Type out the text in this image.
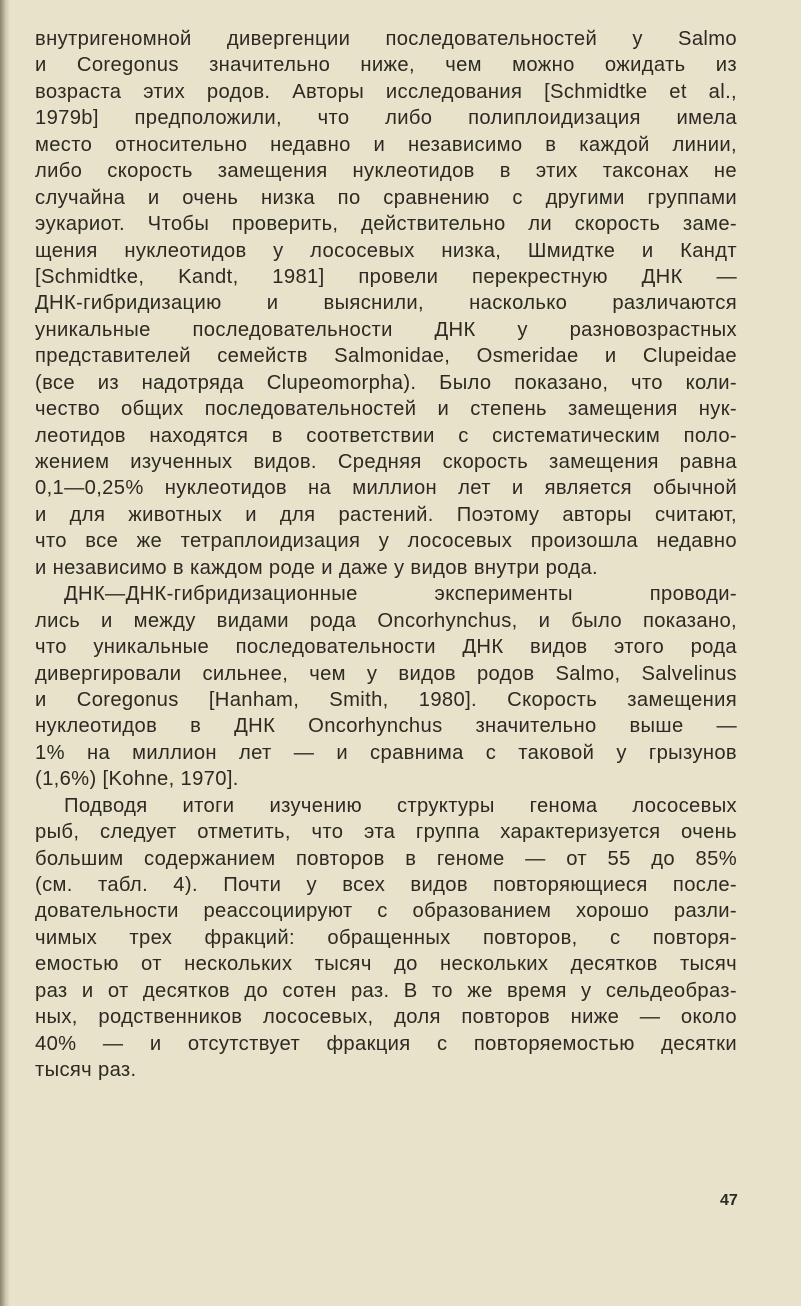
внутригеномной дивергенции последовательностей у Salmo
и Coregonus значительно ниже, чем можно ожидать из
возраста этих родов. Авторы исследования [Schmidtke et al.,
1979b] предположили, что либо полиплоидизация имела
место относительно недавно и независимо в каждой линии,
либо скорость замещения нуклеотидов в этих таксонах не
случайна и очень низка по сравнению с другими группами
эукариот. Чтобы проверить, действительно ли скорость заме-
щения нуклеотидов у лососевых низка, Шмидтке и Кандт
[Schmidtke, Kandt, 1981] провели перекрестную ДНК —
ДНК-гибридизацию и выяснили, насколько различаются
уникальные последовательности ДНК у разновозрастных
представителей семейств Salmonidae, Osmeridae и Clupeidae
(все из надотряда Clupeomorpha). Было показано, что коли-
чество общих последовательностей и степень замещения нук-
леотидов находятся в соответствии с систематическим поло-
жением изученных видов. Средняя скорость замещения равна
0,1—0,25% нуклеотидов на миллион лет и является обычной
и для животных и для растений. Поэтому авторы считают,
что все же тетраплоидизация у лососевых произошла недавно
и независимо в каждом роде и даже у видов внутри рода.
ДНК—ДНК-гибридизационные эксперименты проводи-
лись и между видами рода Oncorhynchus, и было показано,
что уникальные последовательности ДНК видов этого рода
дивергировали сильнее, чем у видов родов Salmo, Salvelinus
и Coregonus [Hanham, Smith, 1980]. Скорость замещения
нуклеотидов в ДНК Oncorhynchus значительно выше —
1% на миллион лет — и сравнима с таковой у грызунов
(1,6%) [Kohne, 1970].
Подводя итоги изучению структуры генома лососевых
рыб, следует отметить, что эта группа характеризуется очень
большим содержанием повторов в геноме — от 55 до 85%
(см. табл. 4). Почти у всех видов повторяющиеся после-
довательности реассоциируют с образованием хорошо разли-
чимых трех фракций: обращенных повторов, с повторя-
емостью от нескольких тысяч до нескольких десятков тысяч
раз и от десятков до сотен раз. В то же время у сельдеобраз-
ных, родственников лососевых, доля повторов ниже — около
40% — и отсутствует фракция с повторяемостью десятки
тысяч раз.
47
